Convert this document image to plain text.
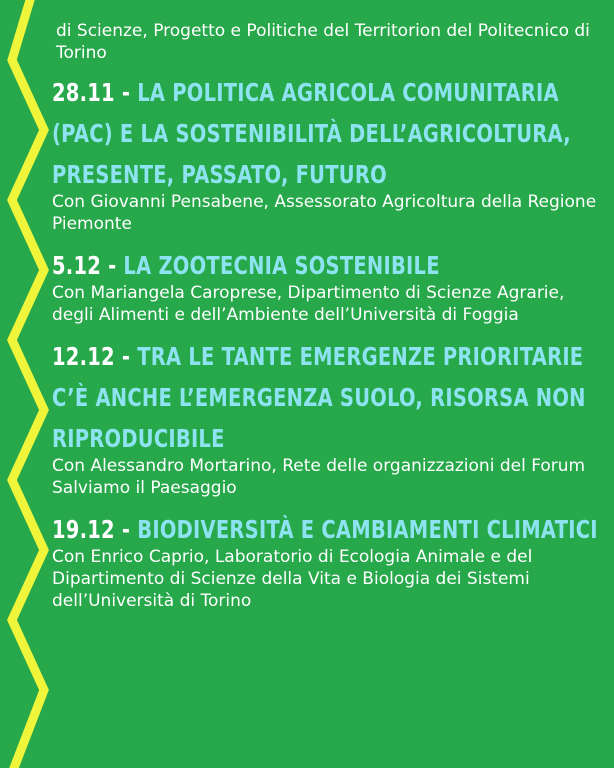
di Scienze, Progetto e Politiche del Territorion del Politecnico di Torino
28.11 - LA POLITICA AGRICOLA COMUNITARIA (PAC) E LA SOSTENIBILITÀ DELL’AGRICOLTURA, PRESENTE, PASSATO, FUTURO
Con Giovanni Pensabene, Assessorato Agricoltura della Regione Piemonte
5.12 - LA ZOOTECNIA SOSTENIBILE
Con Mariangela Caroprese, Dipartimento di Scienze Agrarie, degli Alimenti e dell’Ambiente dell’Università di Foggia
12.12 - TRA LE TANTE EMERGENZE PRIORITARIE C’È ANCHE L’EMERGENZA SUOLO, RISORSA NON RIPRODUCIBILE
Con Alessandro Mortarino, Rete delle organizzazioni del Forum Salviamo il Paesaggio
19.12 - BIODIVERSITÀ E CAMBIAMENTI CLIMATICI
Con Enrico Caprio, Laboratorio di Ecologia Animale e del Dipartimento di Scienze della Vita e Biologia dei Sistemi dell’Università di Torino
